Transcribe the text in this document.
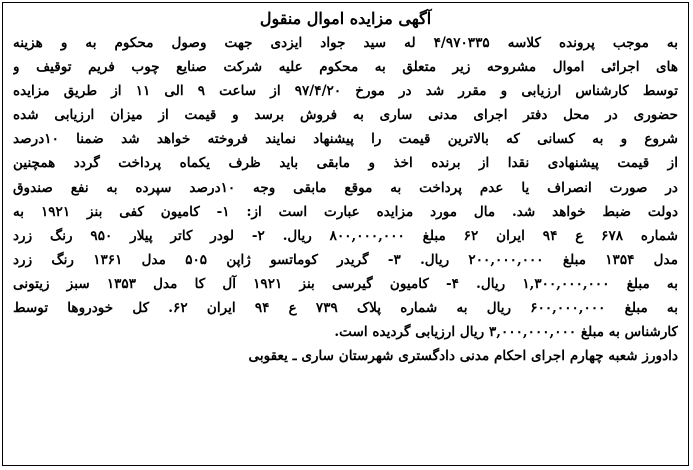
آگهی مزایده اموال منقول
به موجب پرونده کلاسه ۴/۹۷۰۳۳۵ له سید جواد ایزدی جهت وصول محکوم به و هزینه
های اجرائی اموال مشروحه زیر متعلق به محکوم علیه شرکت صنایع چوب فریم توقیف و
توسط کارشناس ارزیابی و مقرر شد در مورخ ۹۷/۴/۲۰ از ساعت ۹ الی ۱۱ از طریق مزایده
حضوری در محل دفتر اجرای مدنی ساری به فروش برسد و قیمت از میزان ارزیابی شده
شروع و به کسانی که بالاترین قیمت را پیشنهاد نمایند فروخته خواهد شد ضمنا ۱۰درصد
از قیمت پیشنهادی نقدا از برنده اخذ و مابقی باید ظرف یکماه پرداخت گردد همچنین
در صورت انصراف یا عدم پرداخت به موقع مابقی وجه ۱۰درصد سپرده به نفع صندوق
دولت ضبط خواهد شد. مال مورد مزایده عبارت است از: ۱- کامیون کفی بنز ۱۹۲۱ به
شماره ۶۷۸ ع ۹۴ ایران ۶۲ مبلغ ۸۰۰,۰۰۰,۰۰۰ ریال. ۲- لودر کاتر پیلار ۹۵۰ رنگ زرد
مدل ۱۳۵۴ مبلغ ۲۰۰,۰۰۰,۰۰۰ ریال. ۳- گریدر کوماتسو ژاپن ۵۰۵ مدل ۱۳۶۱ رنگ زرد
به مبلغ ۱,۳۰۰,۰۰۰,۰۰۰ ریال. ۴- کامیون گیرسی بنز ۱۹۲۱ آل کا مدل ۱۳۵۳ سبز زیتونی
به مبلغ ۶۰۰,۰۰۰,۰۰۰ ریال به شماره پلاک ۷۳۹ ع ۹۴ ایران ۶۲. کل خودروها توسط
کارشناس به مبلغ ۳,۰۰۰,۰۰۰,۰۰۰ ریال ارزیابی گردیده است.
دادورز شعبه چهارم اجرای احکام مدنی دادگستری شهرستان ساری ـ یعقوبی
